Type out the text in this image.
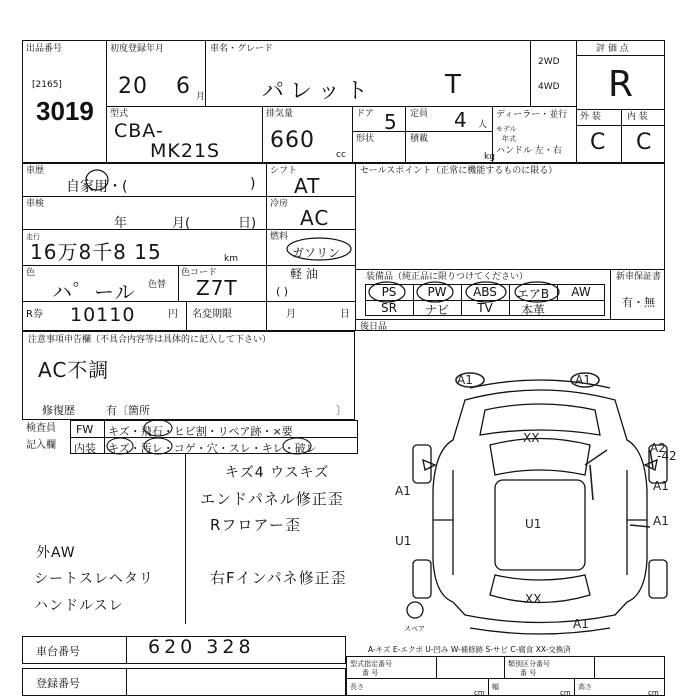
出品番号
[2165]
3019
初度登録年月
20 6 月
車名・グレード
パレット	T
2WD
4WD
評 価 点
R
型式
CBA-
MK21S
排気量
660
cc
ドア 5 定員 4 人
形状	積載
kg
ディーラー・並行
モデル
年式
ハンドル 左・右
外 装	内 装
C C
車歴
自家用・(	)
車検
年	月(	日)
走行
16万8千8 15	km
色
ハ゜ール 色替
色コード
Z7T
R券 10110	円 名変期限	月	日
シフト
AT
冷房
AC
燃料
ガソリン
軽 油
( )
セールスポイント（正常に機能するものに限る）
装備品（純正品に限りつけてください）	新車保証書
有・無
後日品
注意事項申告欄（不具合内容等は具体的に記入して下さい）
AC不調
修復歴	有〔箇所	〕
検査員
記入欄
FW キズ・飛石・ヒビ割・リペア跡・×要
内装 キズ・汚レ・コゲ・穴・スレ・キレ・破レ
キズ4 ウスキズ
エンドパネル修正歪
Rフロアー歪
外AW
シートスレヘタリ
ハンドルスレ
右Fインパネ修正歪
A1	A1
XX
A1	A1
A1
-42
A2
U1
U1
XX
A1
スペア
A-キズ E-エクボ U-凹み W-補修跡 S-サビ C-腐食 XX-交換済
車台番号	620 328
登録番号
型式指定番号
番 号
類別区分番号
番 号
長さ
cm
幅
cm
高さ
cm
PS	PW	ABS	エアB	AW
SR	ナビ	TV	本革
